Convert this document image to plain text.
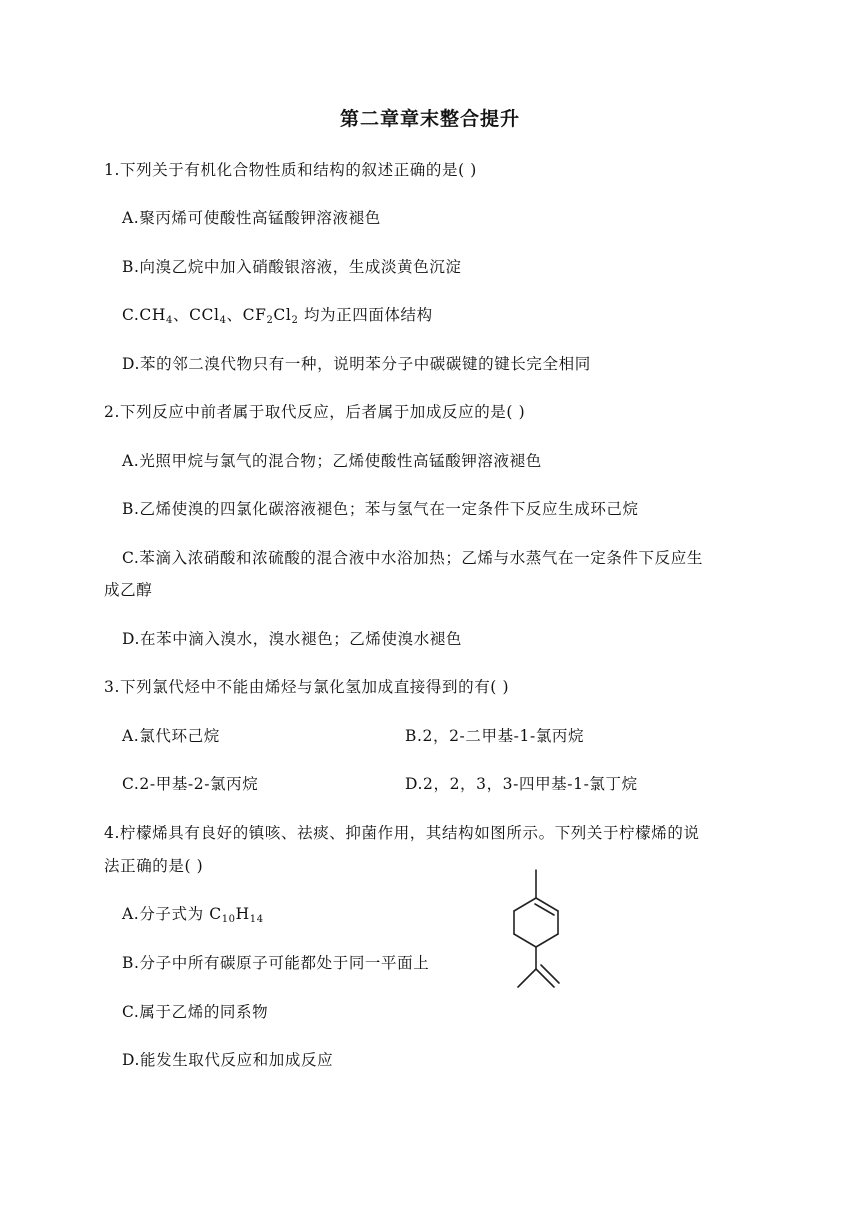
第二章章末整合提升
1.下列关于有机化合物性质和结构的叙述正确的是( )
A.聚丙烯可使酸性高锰酸钾溶液褪色
B.向溴乙烷中加入硝酸银溶液，生成淡黄色沉淀
$C.CH_4$、CCl$_4$、$CF_2Cl_2$ 均为正四面体结构
D.苯的邻二溴代物只有一种，说明苯分子中碳碳键的键长完全相同
2.下列反应中前者属于取代反应，后者属于加成反应的是( )
A.光照甲烷与氯气的混合物；乙烯使酸性高锰酸钾溶液褪色
B.乙烯使溴的四氯化碳溶液褪色；苯与氢气在一定条件下反应生成环己烷
C.苯滴入浓硝酸和浓硫酸的混合液中水浴加热；乙烯与水蒸气在一定条件下反应生
成乙醇
D.在苯中滴入溴水，溴水褪色；乙烯使溴水褪色
3.下列氯代烃中不能由烯烃与氯化氢加成直接得到的有( )
A.氯代环己烷	B.2，2-二甲基-1-氯丙烷
C.2-甲基-2-氯丙烷	D.2，2，3，3-四甲基-1-氯丁烷
4.柠檬烯具有良好的镇咳、祛痰、抑菌作用，其结构如图所示。下列关于柠檬烯的说
法正确的是( )
A.分子式为 $C_{10}H_{14}$
B.分子中所有碳原子可能都处于同一平面上
C.属于乙烯的同系物
D.能发生取代反应和加成反应
